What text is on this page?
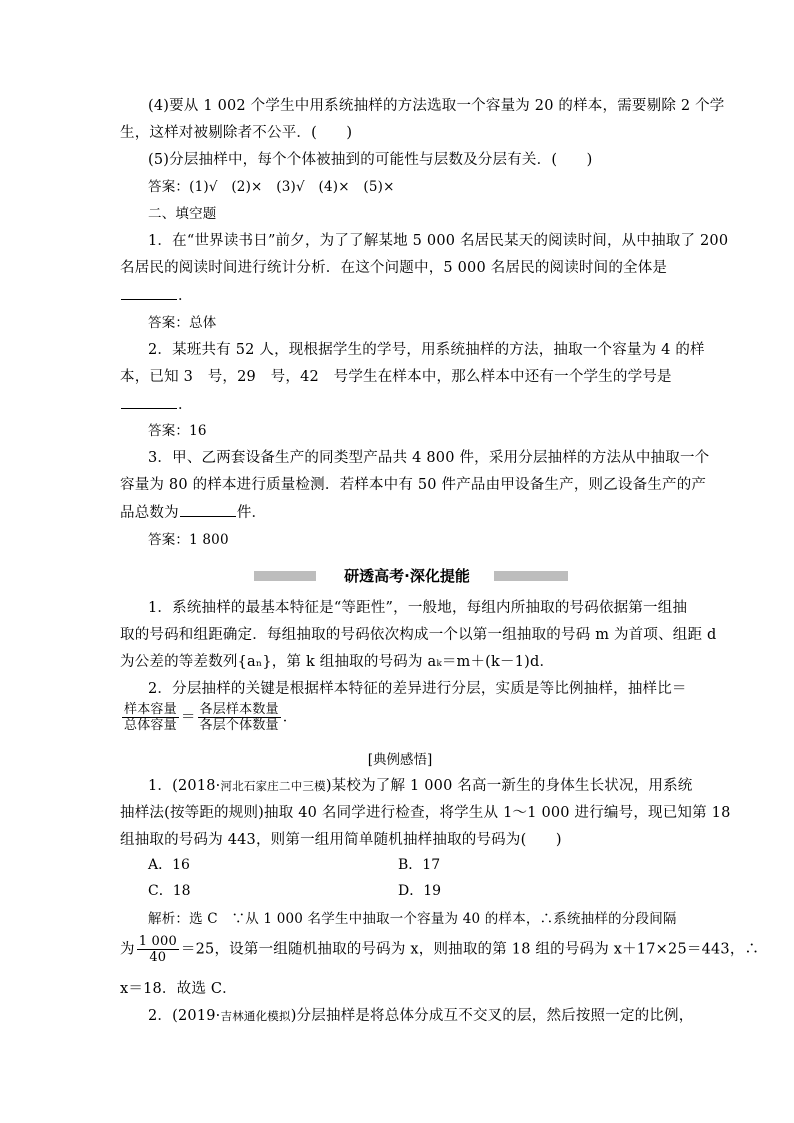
(4)要从 1 002 个学生中用系统抽样的方法选取一个容量为 20 的样本，需要剔除 2 个学
生，这样对被剔除者不公平．(　　)
(5)分层抽样中，每个个体被抽到的可能性与层数及分层有关．(　　)
答案：(1)√　(2)×　(3)√　(4)×　(5)×
二、填空题
1．在“世界读书日”前夕，为了了解某地 5 000 名居民某天的阅读时间，从中抽取了 200
名居民的阅读时间进行统计分析．在这个问题中，5 000 名居民的阅读时间的全体是
．
答案：总体
2．某班共有 52 人，现根据学生的学号，用系统抽样的方法，抽取一个容量为 4 的样
本，已知 3　号，29　号，42　号学生在样本中，那么样本中还有一个学生的学号是
．
答案：16
3．甲、乙两套设备生产的同类型产品共 4 800 件，采用分层抽样的方法从中抽取一个
容量为 80 的样本进行质量检测．若样本中有 50 件产品由甲设备生产，则乙设备生产的产
品总数为	件．
答案：1 800
研透高考·深化提能
1．系统抽样的最基本特征是“等距性”，一般地，每组内所抽取的号码依据第一组抽
取的号码和组距确定．每组抽取的号码依次构成一个以第一组抽取的号码 m 为首项、组距 d
为公差的等差数列{aₙ}，第 k 组抽取的号码为 aₖ＝m＋(k－1)d．
2．分层抽样的关键是根据样本特征的差异进行分层，实质是等比例抽样，抽样比＝
样本容量
总体容量 ＝ 各层样本数量
各层个体数量 ．
[典例感悟]
1．(2018·河北石家庄二中三模)某校为了解 1 000 名高一新生的身体生长状况，用系统
抽样法(按等距的规则)抽取 40 名同学进行检查，将学生从 1～1 000 进行编号，现已知第 18
组抽取的号码为 443，则第一组用简单随机抽样抽取的号码为(　　)
A．16	B．17
C．18	D．19
解析：选 C　∵从 1 000 名学生中抽取一个容量为 40 的样本，∴系统抽样的分段间隔
为 $\frac{1 000}{40} =25$，设第一组随机抽取的号码为 x，则抽取的第 18 组的号码为 x＋17×25＝443，∴
x＝18．故选 C．
2．(2019·吉林通化模拟)分层抽样是将总体分成互不交叉的层，然后按照一定的比例，
